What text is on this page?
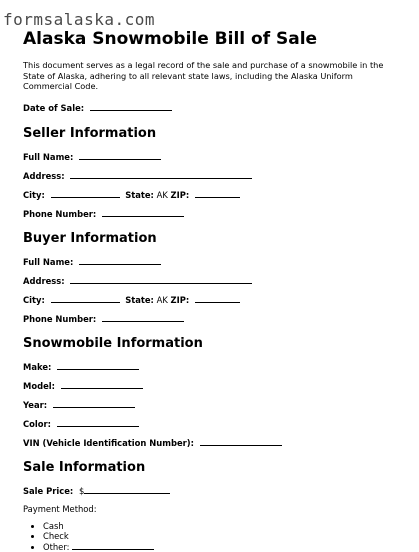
formsalaska.com
Alaska Snowmobile Bill of Sale

This document serves as a legal record of the sale and purchase of a snowmobile in the State of Alaska, adhering to all relevant state laws, including the Alaska Uniform Commercial Code.

Date of Sale:
Seller Information
Full Name:
Address:
City:	State: AK ZIP:
Phone Number:
Buyer Information
Full Name:
Address:
City:	State: AK ZIP:
Phone Number:
Snowmobile Information
Make:
Model:
Year:
Color:
VIN (Vehicle Identification Number):
Sale Information
Sale Price: $
Payment Method:
• Cash
• Check
• Other:
